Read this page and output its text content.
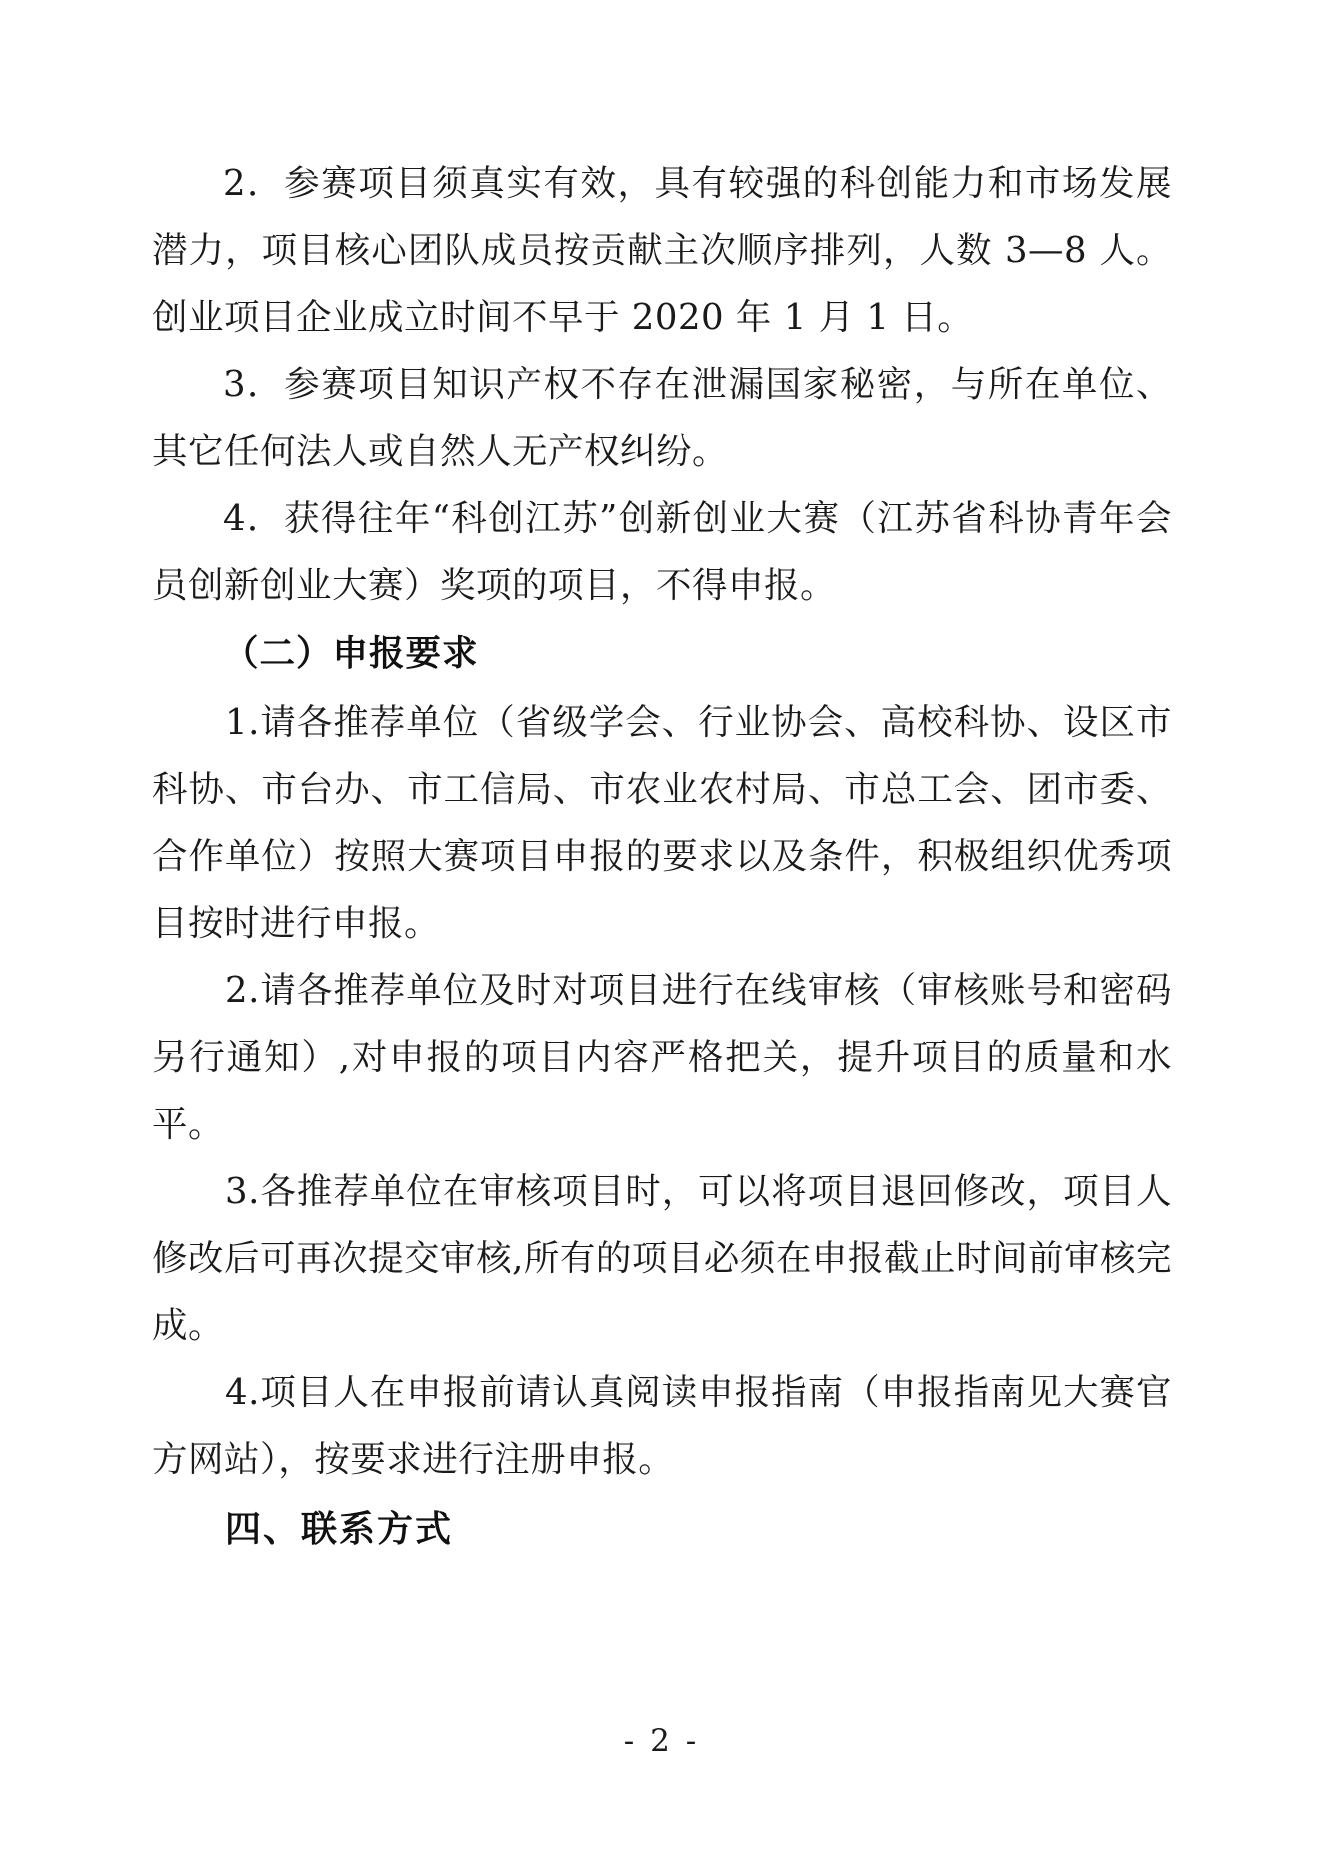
2．参赛项目须真实有效，具有较强的科创能力和市场发展潜力，项目核心团队成员按贡献主次顺序排列，人数 3—8 人。创业项目企业成立时间不早于 2020 年 1 月 1 日。

3．参赛项目知识产权不存在泄漏国家秘密，与所在单位、其它任何法人或自然人无产权纠纷。

4．获得往年“科创江苏”创新创业大赛（江苏省科协青年会员创新创业大赛）奖项的项目，不得申报。

（二）申报要求

1.请各推荐单位（省级学会、行业协会、高校科协、设区市科协、市台办、市工信局、市农业农村局、市总工会、团市委、合作单位）按照大赛项目申报的要求以及条件，积极组织优秀项目按时进行申报。

2.请各推荐单位及时对项目进行在线审核（审核账号和密码另行通知）,对申报的项目内容严格把关，提升项目的质量和水平。

3.各推荐单位在审核项目时，可以将项目退回修改，项目人修改后可再次提交审核,所有的项目必须在申报截止时间前审核完成。

4.项目人在申报前请认真阅读申报指南（申报指南见大赛官方网站），按要求进行注册申报。

四、联系方式

- 2 -
